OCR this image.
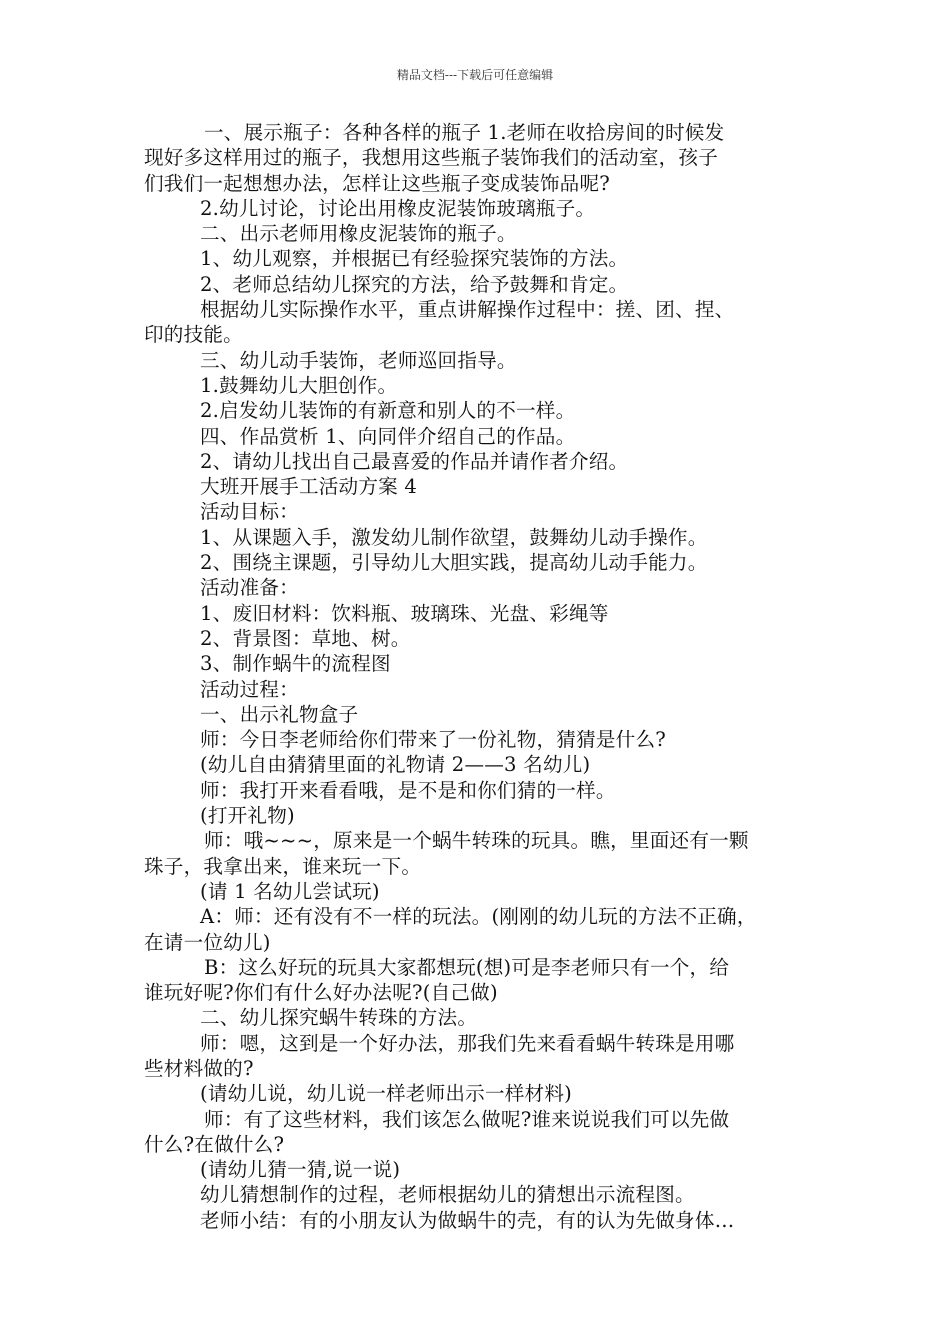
精品文档---下载后可任意编辑

一、展示瓶子：各种各样的瓶子 1.老师在收拾房间的时候发

现好多这样用过的瓶子，我想用这些瓶子装饰我们的活动室，孩子

们我们一起想想办法，怎样让这些瓶子变成装饰品呢?

2.幼儿讨论，讨论出用橡皮泥装饰玻璃瓶子。

二、出示老师用橡皮泥装饰的瓶子。

1、幼儿观察，并根据已有经验探究装饰的方法。

2、老师总结幼儿探究的方法，给予鼓舞和肯定。

根据幼儿实际操作水平，重点讲解操作过程中：搓、团、捏、

印的技能。

三、幼儿动手装饰，老师巡回指导。

1.鼓舞幼儿大胆创作。

2.启发幼儿装饰的有新意和别人的不一样。

四、作品赏析 1、向同伴介绍自己的作品。

2、请幼儿找出自己最喜爱的作品并请作者介绍。

大班开展手工活动方案 4

活动目标：

1、从课题入手，激发幼儿制作欲望，鼓舞幼儿动手操作。

2、围绕主课题，引导幼儿大胆实践，提高幼儿动手能力。

活动准备：

1、废旧材料：饮料瓶、玻璃珠、光盘、彩绳等

2、背景图：草地、树。

3、制作蜗牛的流程图

活动过程：

一、出示礼物盒子

师：今日李老师给你们带来了一份礼物，猜猜是什么?

(幼儿自由猜猜里面的礼物请 2——3 名幼儿)

师：我打开来看看哦，是不是和你们猜的一样。

(打开礼物)

师：哦~~~，原来是一个蜗牛转珠的玩具。瞧，里面还有一颗

珠子，我拿出来，谁来玩一下。

(请 1 名幼儿尝试玩)

A：师：还有没有不一样的玩法。(刚刚的幼儿玩的方法不正确，

在请一位幼儿)

B：这么好玩的玩具大家都想玩(想)可是李老师只有一个，给

谁玩好呢?你们有什么好办法呢?(自己做)

二、幼儿探究蜗牛转珠的方法。

师：嗯，这到是一个好办法，那我们先来看看蜗牛转珠是用哪

些材料做的?

(请幼儿说，幼儿说一样老师出示一样材料)

师：有了这些材料，我们该怎么做呢?谁来说说我们可以先做

什么?在做什么?

(请幼儿猜一猜,说一说)

幼儿猜想制作的过程，老师根据幼儿的猜想出示流程图。

老师小结：有的小朋友认为做蜗牛的壳，有的认为先做身体…
